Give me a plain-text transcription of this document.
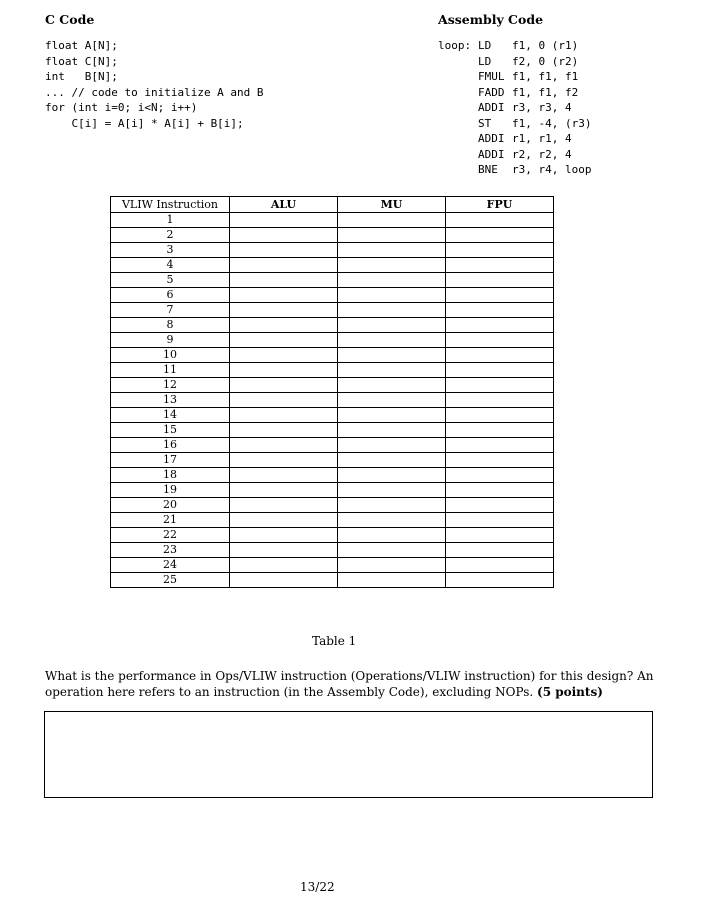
C Code
float A[N];
float C[N];
int   B[N];
... // code to initialize A and B
for (int i=0; i<N; i++)
C[i] = A[i] * A[i] + B[i];
Assembly Code
loop: LD	f1, 0 (r1)
LD	f2, 0 (r2)
FMUL f1, f1, f1
FADD f1, f1, f2
ADDI r3, r3, 4
ST	f1, -4, (r3)
ADDI r1, r1, 4
ADDI r2, r2, 4
BNE	r3, r4, loop
VLIW Instruction	ALU	MU	FPU
1			
2			
3			
4			
5			
6			
7			
8			
9			
10			
11			
12			
13			
14			
15			
16			
17			
18			
19			
20			
21			
22			
23			
24			
25			
Table 1
What is the performance in Ops/VLIW instruction (Operations/VLIW instruction) for this design? An operation here refers to an instruction (in the Assembly Code), excluding NOPs. (5 points)
13/22
